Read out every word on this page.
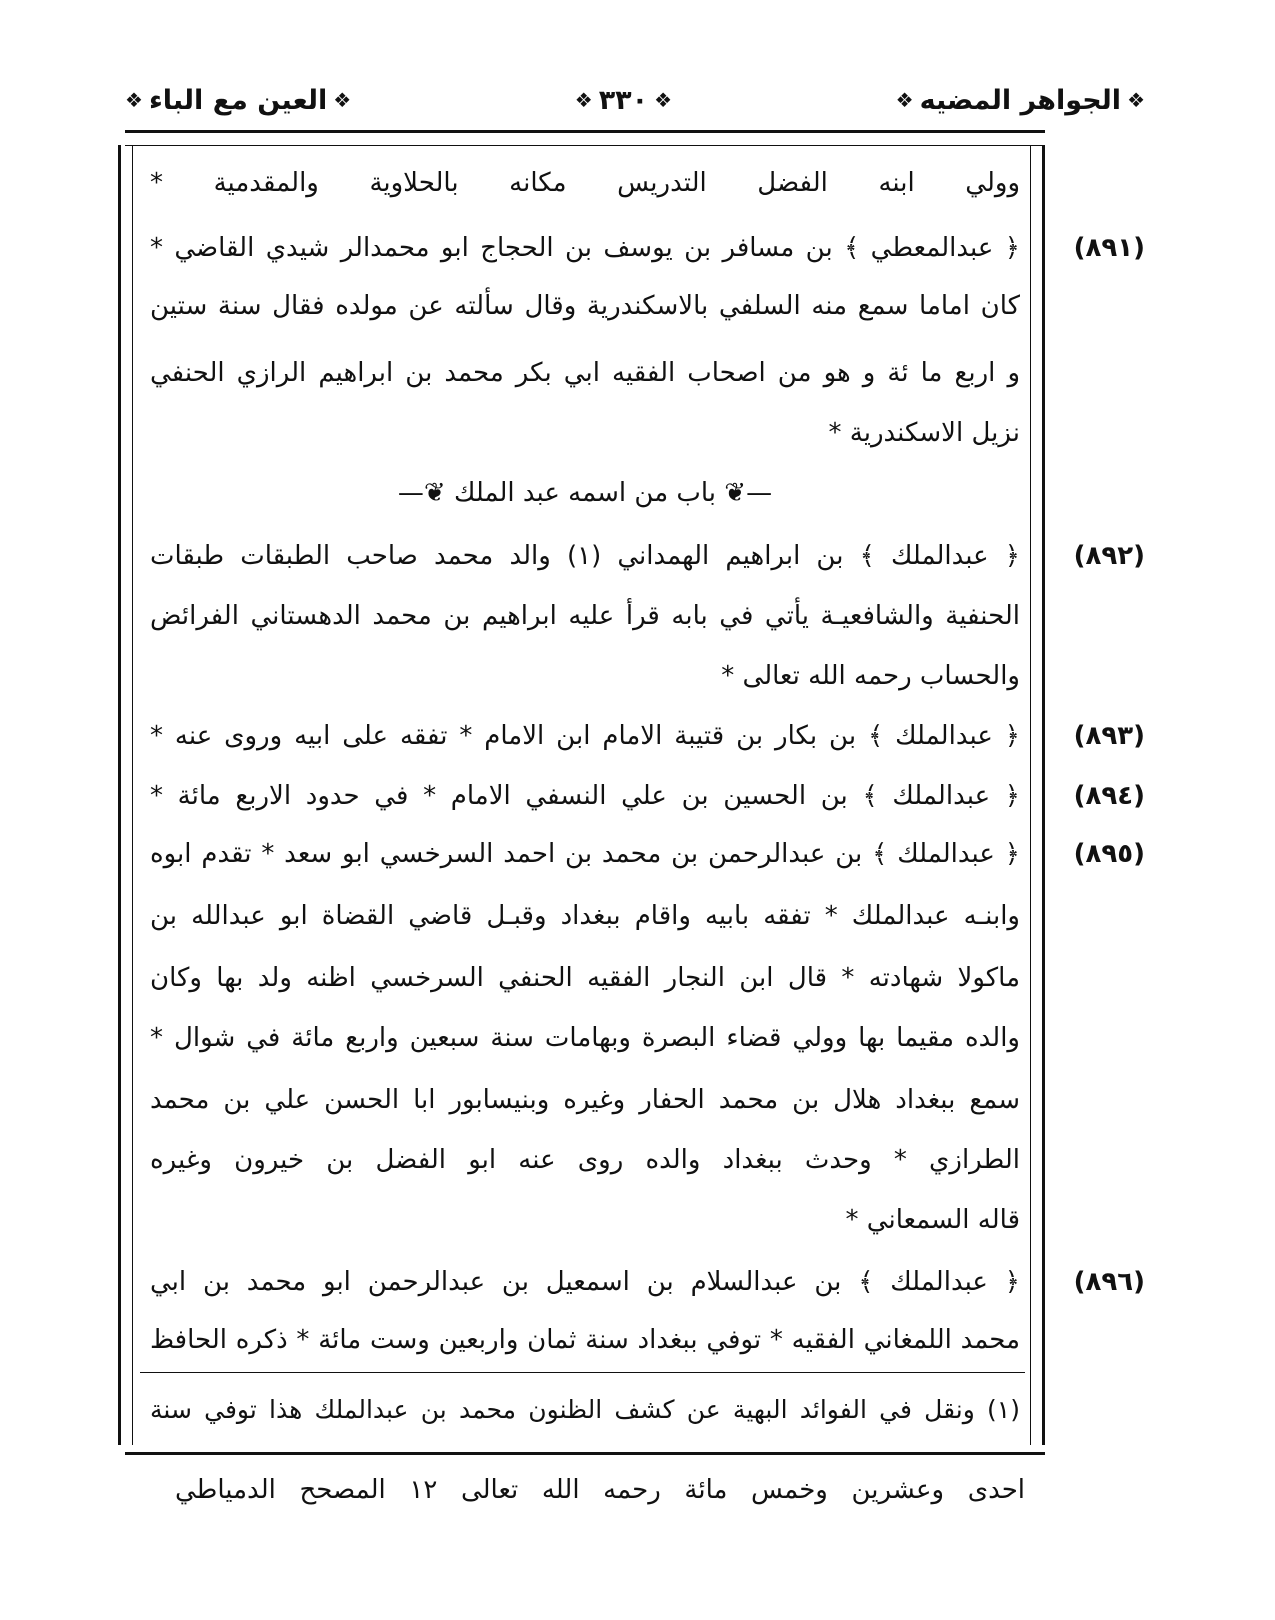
❖
الجواهر المضيه
❖
❖
٣٣٠
❖
❖
العين مع الباء
❖
وولي ابنه الفضل التدريس مكانه بالحلاوية والمقدمية *
﴿ عبدالمعطي ﴾ بن مسافر بن يوسف بن الحجاج ابو محمدالر شيدي القاضي *
كان اماما سمع منه السلفي بالاسكندرية وقال سألته عن مولده فقال سنة ستين
و اربع ما ئة و هو من اصحاب الفقيه ابي بكر محمد بن ابراهيم الرازي الحنفي
نزيل الاسكندرية *
—❦ باب من اسمه عبد الملك ❦—
﴿ عبدالملك ﴾ بن ابراهيم الهمداني (١) والد محمد صاحب الطبقات طبقات
الحنفية والشافعيـة يأتي في بابه قرأ عليه ابراهيم بن محمد الدهستاني الفرائض
والحساب رحمه الله تعالى *
﴿ عبدالملك ﴾ بن بكار بن قتيبة الامام ابن الامام * تفقه على ابيه وروى عنه *
﴿ عبدالملك ﴾ بن الحسين بن علي النسفي الامام * في حدود الاربع مائة *
﴿ عبدالملك ﴾ بن عبدالرحمن بن محمد بن احمد السرخسي ابو سعد * تقدم ابوه
وابنـه عبدالملك * تفقه بابيه واقام ببغداد وقبـل قاضي القضاة ابو عبدالله بن
ماكولا شهادته * قال ابن النجار الفقيه الحنفي السرخسي اظنه ولد بها وكان
والده مقيما بها وولي قضاء البصرة وبهامات سنة سبعين واربع مائة في شوال *
سمع ببغداد هلال بن محمد الحفار وغيره وبنيسابور ابا الحسن علي بن محمد
الطرازي * وحدث ببغداد والده روى عنه ابو الفضل بن خيرون وغيره
قاله السمعاني *
﴿ عبدالملك ﴾ بن عبدالسلام بن اسمعيل بن عبدالرحمن ابو محمد بن ابي
محمد اللمغاني الفقيه * توفي ببغداد سنة ثمان واربعين وست مائة * ذكره الحافظ
(٨٩١)
(٨٩٢)
(٨٩٣)
(٨٩٤)
(٨٩٥)
(٨٩٦)
(١) ونقل في الفوائد البهية عن كشف الظنون محمد بن عبدالملك هذا توفي سنة
احدى وعشرين وخمس مائة رحمه الله تعالى ١٢ المصحح الدمياطي
